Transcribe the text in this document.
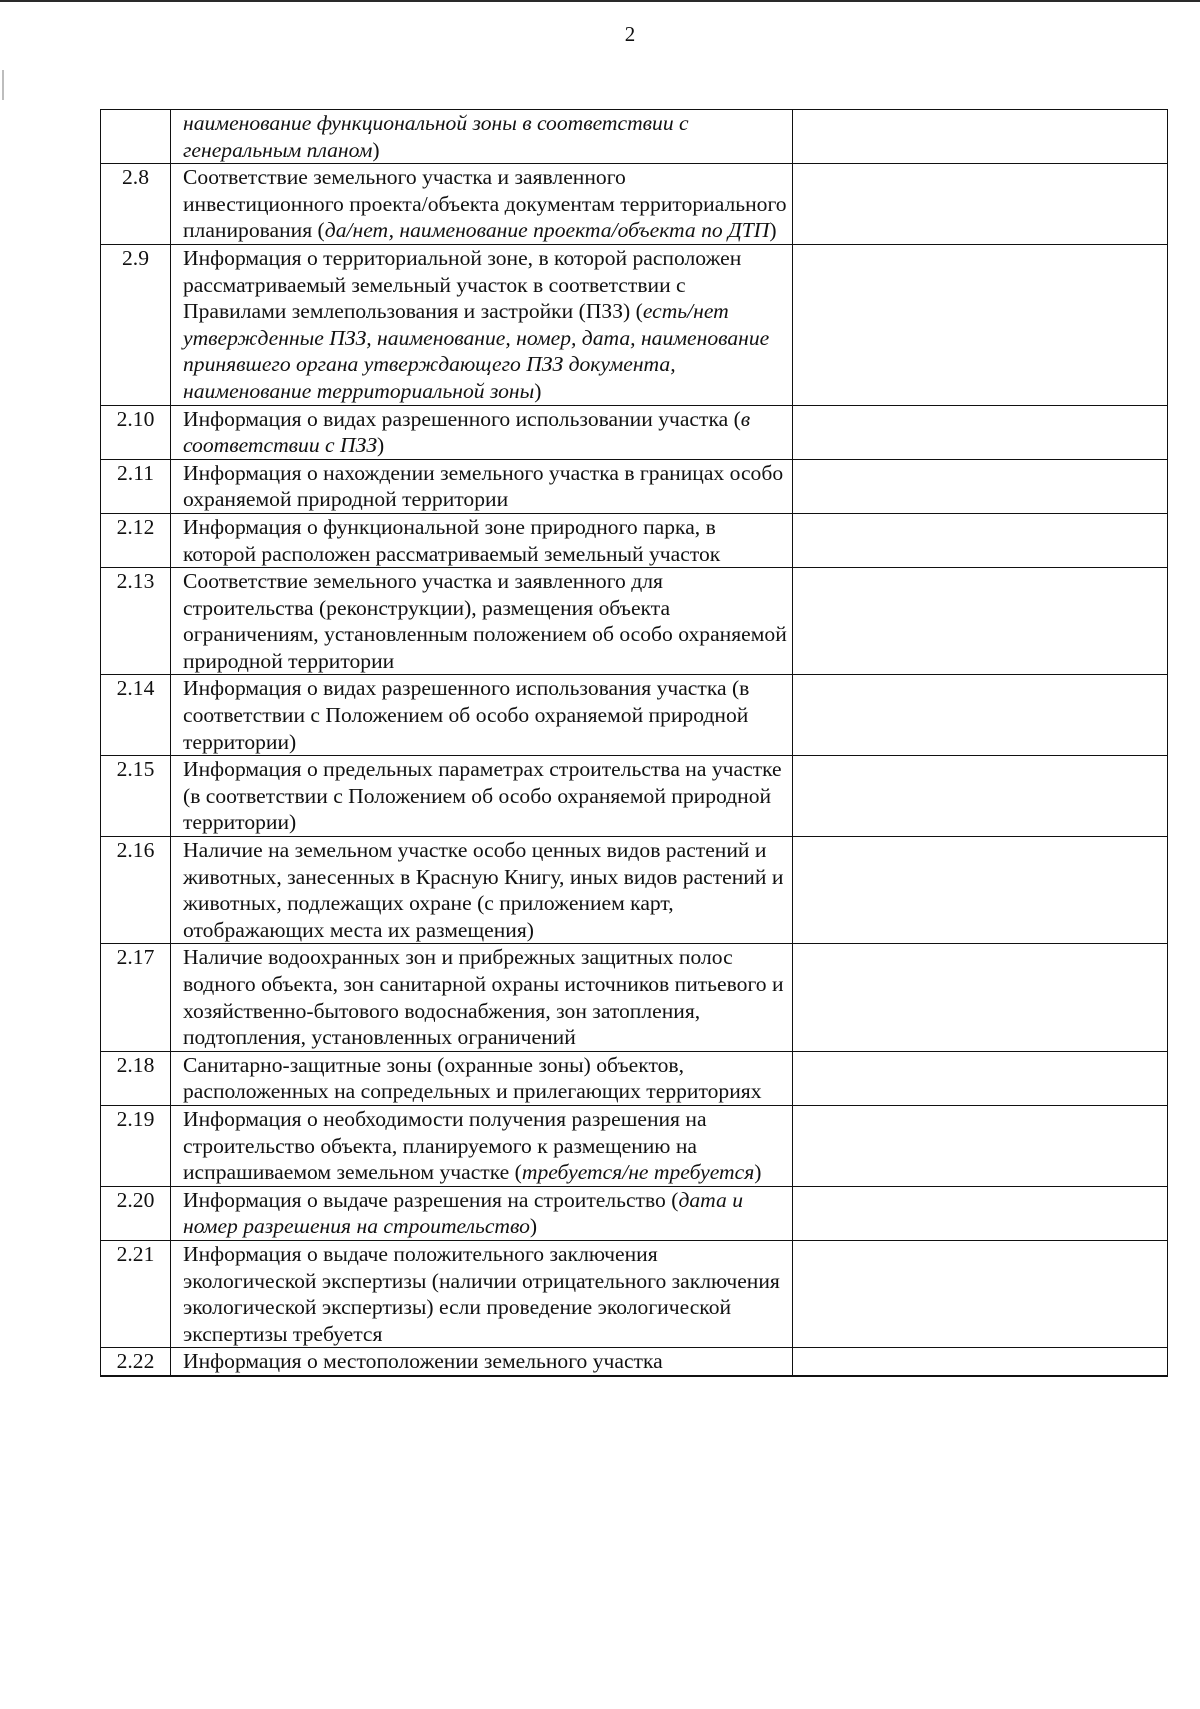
2
	наименование функциональной зоны в соответствии с генеральным планом)	
2.8	Соответствие земельного участка и заявленного инвестиционного проекта/объекта документам территориального планирования (да/нет, наименование проекта/объекта по ДТП)	
2.9	Информация о территориальной зоне, в которой расположен рассматриваемый земельный участок в соответствии с Правилами землепользования и застройки (ПЗЗ) (есть/нет утвержденные ПЗЗ, наименование, номер, дата, наименование принявшего органа утверждающего ПЗЗ документа, наименование территориальной зоны)	
2.10	Информация о видах разрешенного использовании участка (в соответствии с ПЗЗ)	
2.11	Информация о нахождении земельного участка в границах особо охраняемой природной территории	
2.12	Информация о функциональной зоне природного парка, в которой расположен рассматриваемый земельный участок	
2.13	Соответствие земельного участка и заявленного для строительства (реконструкции), размещения объекта ограничениям, установленным положением об особо охраняемой природной территории	
2.14	Информация о видах разрешенного использования участка (в соответствии с Положением об особо охраняемой природной территории)	
2.15	Информация о предельных параметрах строительства на участке (в соответствии с Положением об особо охраняемой природной территории)	
2.16	Наличие на земельном участке особо ценных видов растений и животных, занесенных в Красную Книгу, иных видов растений и животных, подлежащих охране (с приложением карт, отображающих места их размещения)	
2.17	Наличие водоохранных зон и прибрежных защитных полос водного объекта, зон санитарной охраны источников питьевого и хозяйственно-бытового водоснабжения, зон затопления, подтопления, установленных ограничений	
2.18	Санитарно-защитные зоны (охранные зоны) объектов, расположенных на сопредельных и прилегающих территориях	
2.19	Информация о необходимости получения разрешения на строительство объекта, планируемого к размещению на испрашиваемом земельном участке (требуется/не требуется)	
2.20	Информация о выдаче разрешения на строительство (дата и номер разрешения на строительство)	
2.21	Информация о выдаче положительного заключения экологической экспертизы (наличии отрицательного заключения экологической экспертизы) если проведение экологической экспертизы требуется	
2.22	Информация о местоположении земельного участка	
